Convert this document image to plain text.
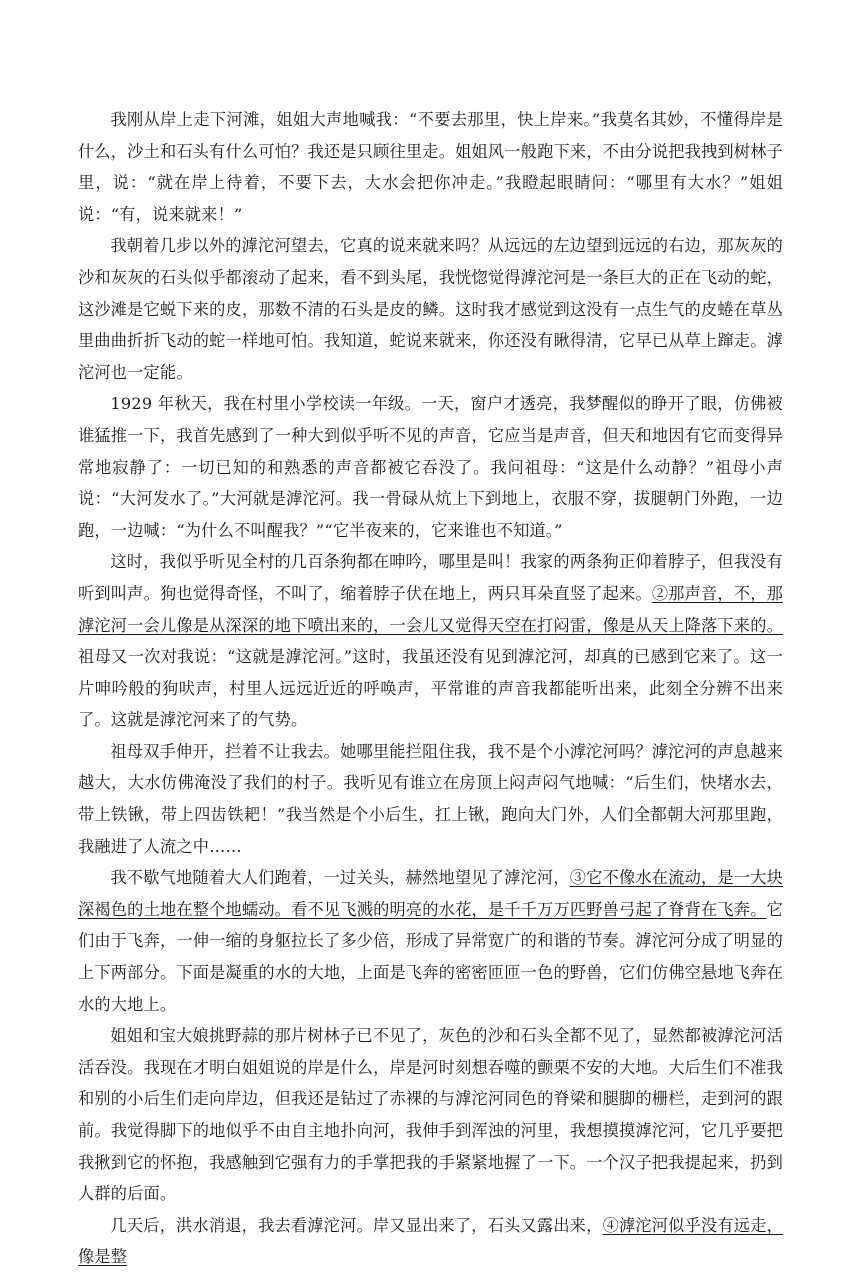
我刚从岸上走下河滩，姐姐大声地喊我：“不要去那里，快上岸来。”我莫名其妙，不懂得岸是什么，沙土和石头有什么可怕？我还是只顾往里走。姐姐风一般跑下来，不由分说把我拽到树林子里，说：“就在岸上待着，不要下去，大水会把你冲走。”我瞪起眼睛问：“哪里有大水？”姐姐说：“有，说来就来！”

我朝着几步以外的滹沱河望去，它真的说来就来吗？从远远的左边望到远远的右边，那灰灰的沙和灰灰的石头似乎都滚动了起来，看不到头尾，我恍惚觉得滹沱河是一条巨大的正在飞动的蛇，这沙滩是它蜕下来的皮，那数不清的石头是皮的鳞。这时我才感觉到这没有一点生气的皮蜷在草丛里曲曲折折飞动的蛇一样地可怕。我知道，蛇说来就来，你还没有瞅得清，它早已从草上蹿走。滹沱河也一定能。

1929 年秋天，我在村里小学校读一年级。一天，窗户才透亮，我梦醒似的睁开了眼，仿佛被谁猛推一下，我首先感到了一种大到似乎听不见的声音，它应当是声音，但天和地因有它而变得异常地寂静了：一切已知的和熟悉的声音都被它吞没了。我问祖母：“这是什么动静？”祖母小声说：“大河发水了。”大河就是滹沱河。我一骨碌从炕上下到地上，衣服不穿，拔腿朝门外跑，一边跑，一边喊：“为什么不叫醒我？”“它半夜来的，它来谁也不知道。”

这时，我似乎听见全村的几百条狗都在呻吟，哪里是叫！我家的两条狗正仰着脖子，但我没有听到叫声。狗也觉得奇怪，不叫了，缩着脖子伏在地上，两只耳朵直竖了起来。②那声音，不，那滹沱河一会儿像是从深深的地下喷出来的，一会儿又觉得天空在打闷雷，像是从天上降落下来的。祖母又一次对我说：“这就是滹沱河。”这时，我虽还没有见到滹沱河，却真的已感到它来了。这一片呻吟般的狗吠声，村里人远远近近的呼唤声，平常谁的声音我都能听出来，此刻全分辨不出来了。这就是滹沱河来了的气势。

祖母双手伸开，拦着不让我去。她哪里能拦阻住我，我不是个小滹沱河吗？滹沱河的声息越来越大，大水仿佛淹没了我们的村子。我听见有谁立在房顶上闷声闷气地喊：“后生们，快堵水去，带上铁锹，带上四齿铁耙！”我当然是个小后生，扛上锹，跑向大门外，人们全都朝大河那里跑，我融进了人流之中……

我不歇气地随着大人们跑着，一过关头，赫然地望见了滹沱河，③它不像水在流动，是一大块深褐色的土地在整个地蠕动。看不见飞溅的明亮的水花，是千千万万匹野兽弓起了脊背在飞奔。它们由于飞奔，一伸一缩的身躯拉长了多少倍，形成了异常宽广的和谐的节奏。滹沱河分成了明显的上下两部分。下面是凝重的水的大地，上面是飞奔的密密匝匝一色的野兽，它们仿佛空悬地飞奔在水的大地上。

姐姐和宝大娘挑野蒜的那片树林子已不见了，灰色的沙和石头全都不见了，显然都被滹沱河活活吞没。我现在才明白姐姐说的岸是什么，岸是河时刻想吞噬的颤栗不安的大地。大后生们不准我和别的小后生们走向岸边，但我还是钻过了赤裸的与滹沱河同色的脊梁和腿脚的栅栏，走到河的跟前。我觉得脚下的地似乎不由自主地扑向河，我伸手到浑浊的河里，我想摸摸滹沱河，它几乎要把我揪到它的怀抱，我感触到它强有力的手掌把我的手紧紧地握了一下。一个汉子把我提起来，扔到人群的后面。

几天后，洪水消退，我去看滹沱河。岸又显出来了，石头又露出来，④滹沱河似乎没有远走，像是整
